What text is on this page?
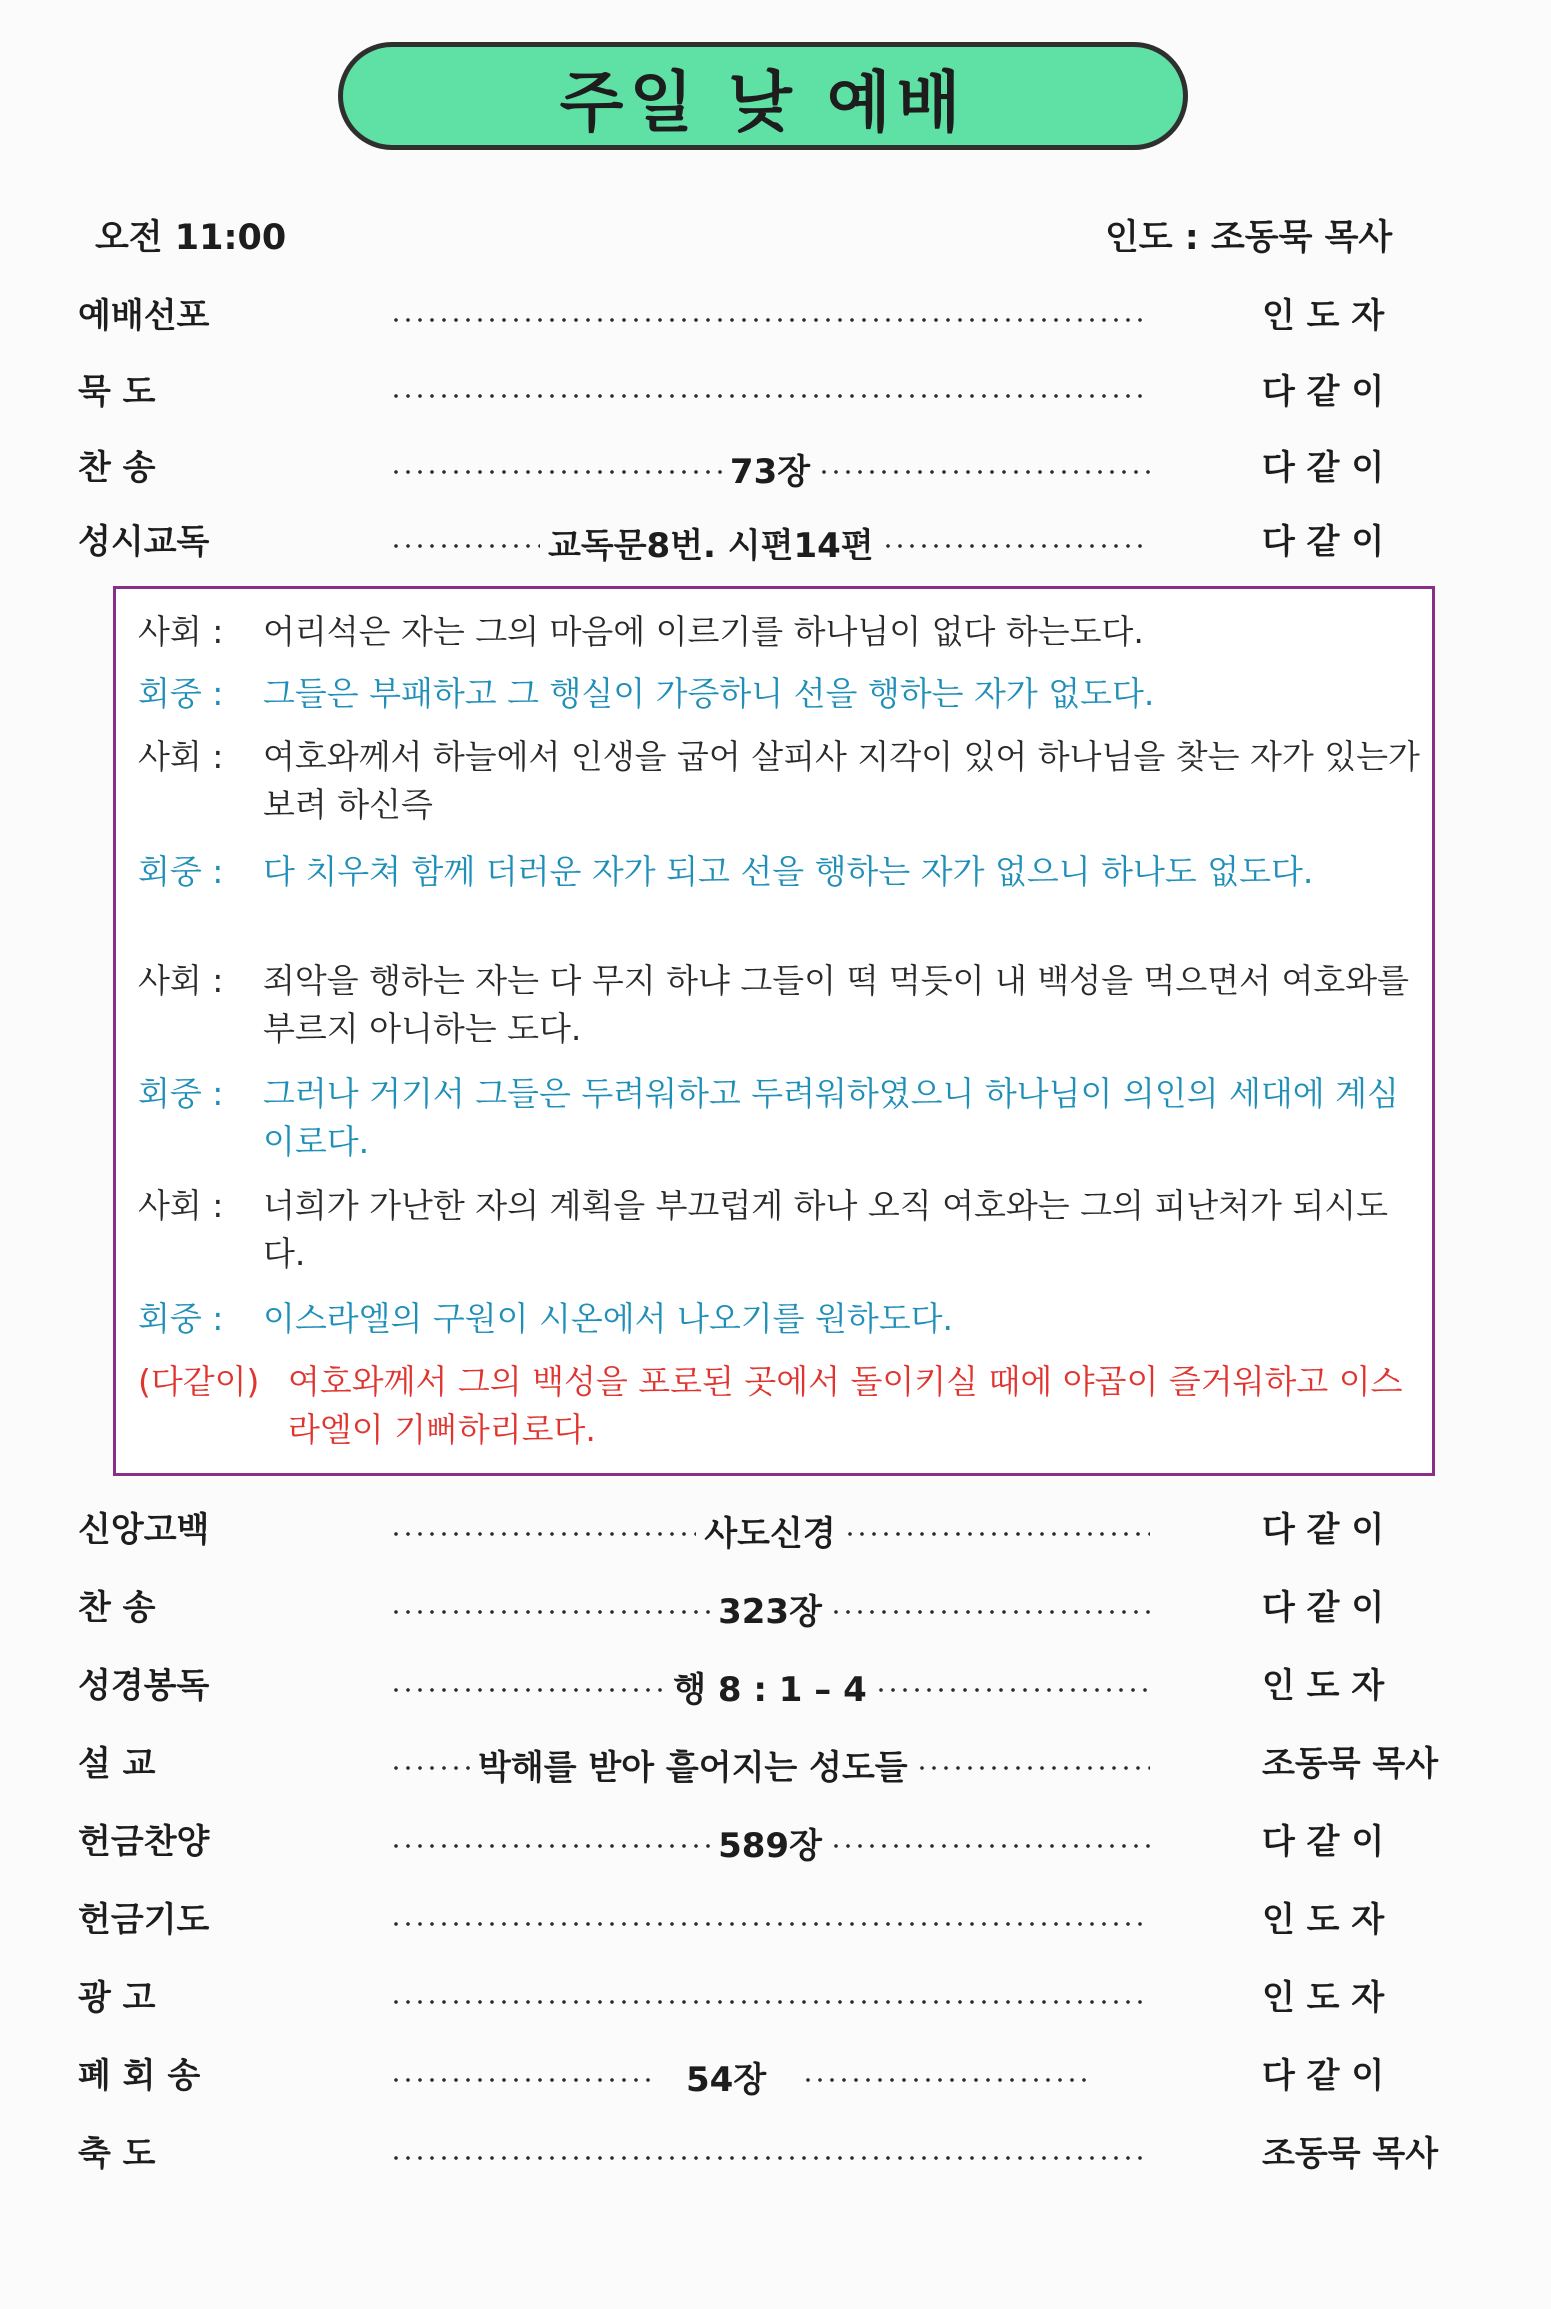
주일 낮 예배
오전 11:00	인도 : 조동묵 목사
예배선포	인 도 자
묵 도	다 같 이
찬 송	73장	다 같 이
성시교독	교독문8번. 시편14편	다 같 이
사회 : 어리석은 자는 그의 마음에 이르기를 하나님이 없다 하는도다.
회중 : 그들은 부패하고 그 행실이 가증하니 선을 행하는 자가 없도다.
사회 : 여호와께서 하늘에서 인생을 굽어 살피사 지각이 있어 하나님을 찾는 자가 있는가 보려 하신즉
회중 : 다 치우쳐 함께 더러운 자가 되고 선을 행하는 자가 없으니 하나도 없도다.
사회 : 죄악을 행하는 자는 다 무지 하냐 그들이 떡 먹듯이 내 백성을 먹으면서 여호와를 부르지 아니하는 도다.
회중 : 그러나 거기서 그들은 두려워하고 두려워하였으니 하나님이 의인의 세대에 계심이로다.
사회 : 너희가 가난한 자의 계획을 부끄럽게 하나 오직 여호와는 그의 피난처가 되시도다.
회중 : 이스라엘의 구원이 시온에서 나오기를 원하도다.
(다같이) 여호와께서 그의 백성을 포로된 곳에서 돌이키실 때에 야곱이 즐거워하고 이스라엘이 기뻐하리로다.
신앙고백	사도신경	다 같 이
찬 송	323장	다 같 이
성경봉독	행 8 : 1 – 4	인 도 자
설 교	박해를 받아 흩어지는 성도들	조동묵 목사
헌금찬양	589장	다 같 이
헌금기도	인 도 자
광 고	인 도 자
폐 회 송	54장	다 같 이
축 도	조동묵 목사
